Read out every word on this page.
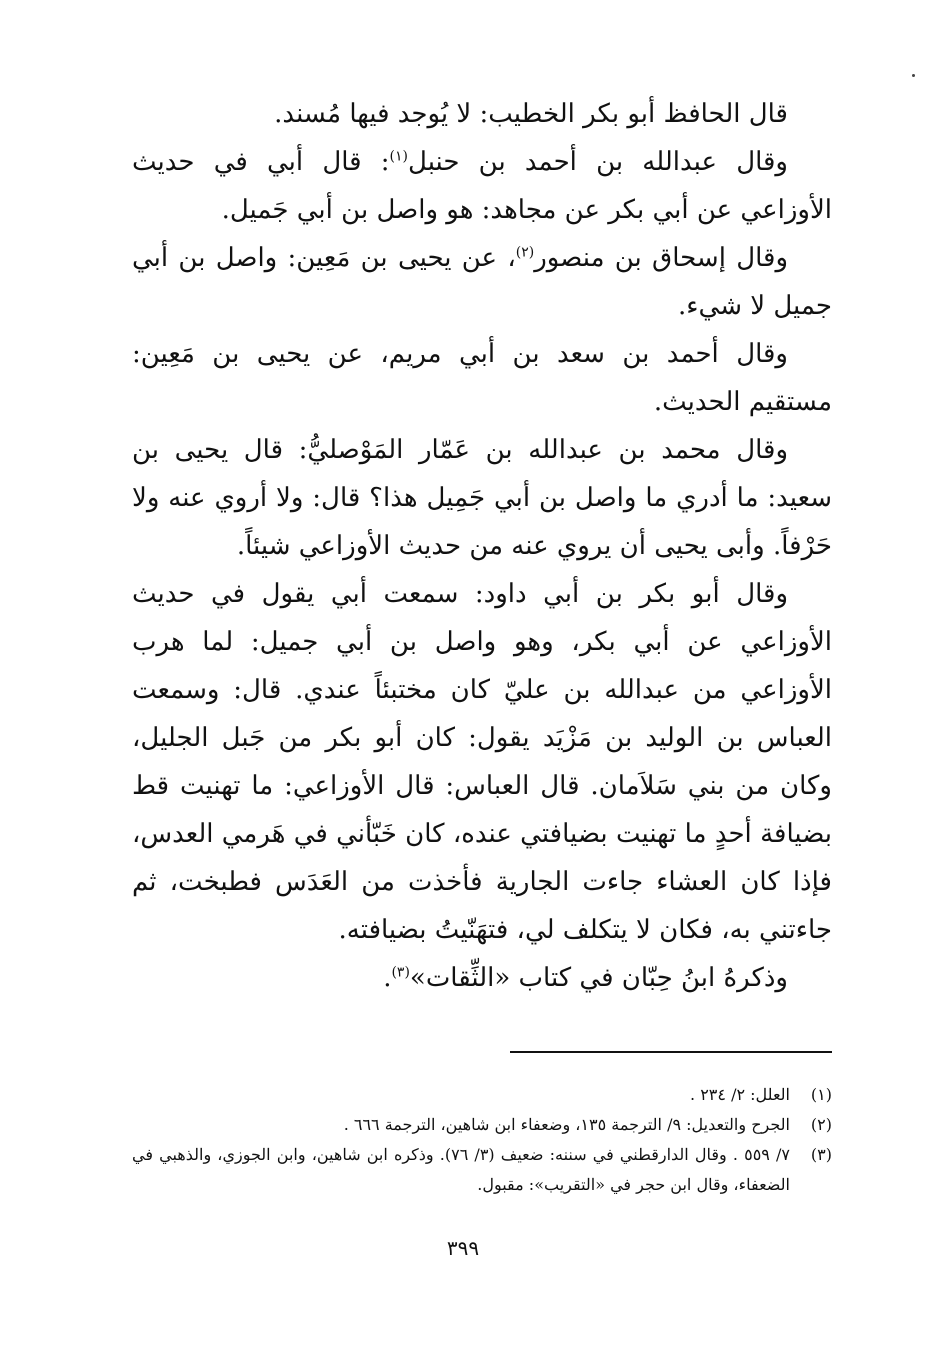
قال الحافظ أبو بكر الخطيب: لا يُوجد فيها مُسند.

وقال عبدالله بن أحمد بن حنبل$^{(١)}$: قال أبي في حديث الأوزاعي عن أبي بكر عن مجاهد: هو واصل بن أبي جَميل.

وقال إسحاق بن منصور$^{(٢)}$، عن يحيى بن مَعِين: واصل بن أبي جميل لا شيء.

وقال أحمد بن سعد بن أبي مريم، عن يحيى بن مَعِين: مستقيم الحديث.

وقال محمد بن عبدالله بن عَمّار المَوْصليُّ: قال يحيى بن سعيد: ما أدري ما واصل بن أبي جَمِيل هذا؟ قال: ولا أروي عنه ولا حَرْفاً. وأبى يحيى أن يروي عنه من حديث الأوزاعي شيئاً.

وقال أبو بكر بن أبي داود: سمعت أبي يقول في حديث الأوزاعي عن أبي بكر، وهو واصل بن أبي جميل: لما هرب الأوزاعي من عبدالله بن عليّ كان مختبئاً عندي. قال: وسمعت العباس بن الوليد بن مَزْيَد يقول: كان أبو بكر من جَبل الجليل، وكان من بني سَلاَمان. قال العباس: قال الأوزاعي: ما تهنيت قط بضيافة أحدٍ ما تهنيت بضيافتي عنده، كان خَبّأني في هَرمي العدس، فإذا كان العشاء جاءت الجارية فأخذت من العَدَس فطبخت، ثم جاءتني به، فكان لا يتكلف لي، فتهَنّيتُ بضيافته.

وذكرهُ ابنُ حِبّان في كتاب «الثِّقات»$^{(٣)}$.

(١)
العلل: ٢/ ٢٣٤ .
(٢)
الجرح والتعديل: ٩/ الترجمة ١٣٥، وضعفاء ابن شاهين، الترجمة ٦٦٦ .
(٣)
٧/ ٥٥٩ . وقال الدارقطني في سننه: ضعيف (٣/ ٧٦). وذكره ابن شاهين، وابن الجوزي، والذهبي في الضعفاء، وقال ابن حجر في «التقريب»: مقبول.
٣٩٩
